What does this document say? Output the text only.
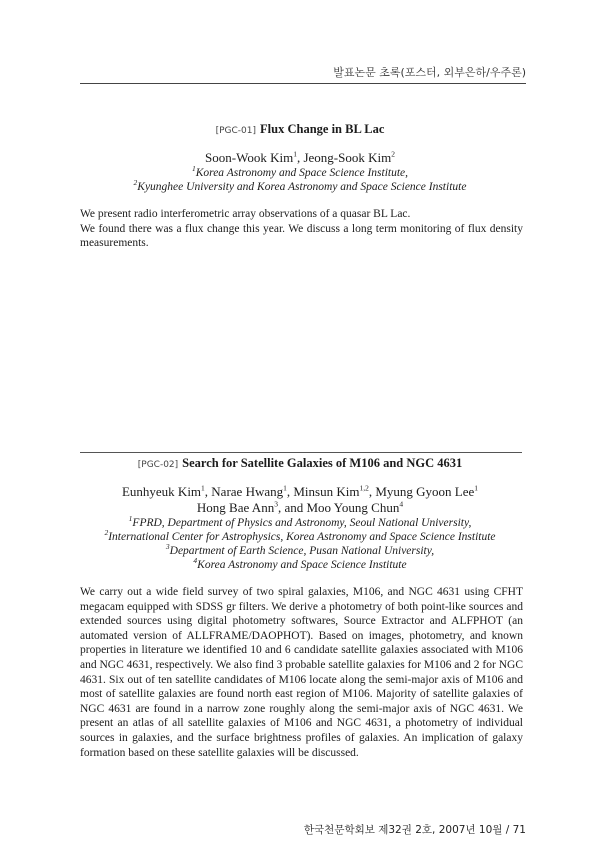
발표논문 초록(포스터, 외부은하/우주론)
[PGC-01] Flux Change in BL Lac
Soon-Wook Kim$^1$, Jeong-Sook Kim$^2$
$^1$Korea Astronomy and Space Science Institute,
$^2$Kyunghee University and Korea Astronomy and Space Science Institute
We present radio interferometric array observations of a quasar BL Lac.
We found there was a flux change this year. We discuss a long term monitoring of flux density measurements.
[PGC-02] Search for Satellite Galaxies of M106 and NGC 4631
Eunhyeuk Kim$^1$, Narae Hwang$^1$, Minsun Kim$^{1,2}$, Myung Gyoon Lee$^1$
Hong Bae Ann$^3$, and Moo Young Chun$^4$
$^1$FPRD, Department of Physics and Astronomy, Seoul National University,
$^2$International Center for Astrophysics, Korea Astronomy and Space Science Institute
$^3$Department of Earth Science, Pusan National University,
$^4$Korea Astronomy and Space Science Institute
We carry out a wide field survey of two spiral galaxies, M106, and NGC 4631 using CFHT megacam equipped with SDSS gr filters. We derive a photometry of both point-like sources and extended sources using digital photometry softwares, Source Extractor and ALFPHOT (an automated version of ALLFRAME/DAOPHOT). Based on images, photometry, and known properties in literature we identified 10 and 6 candidate satellite galaxies associated with M106 and NGC 4631, respectively. We also find 3 probable satellite galaxies for M106 and 2 for NGC 4631. Six out of ten satellite candidates of M106 locate along the semi-major axis of M106 and most of satellite galaxies are found north east region of M106. Majority of satellite galaxies of NGC 4631 are found in a narrow zone roughly along the semi-major axis of NGC 4631. We present an atlas of all satellite galaxies of M106 and NGC 4631, a photometry of individual sources in galaxies, and the surface brightness profiles of galaxies. An implication of galaxy formation based on these satellite galaxies will be discussed.
한국천문학회보 제32권 2호, 2007년 10월 / 71
